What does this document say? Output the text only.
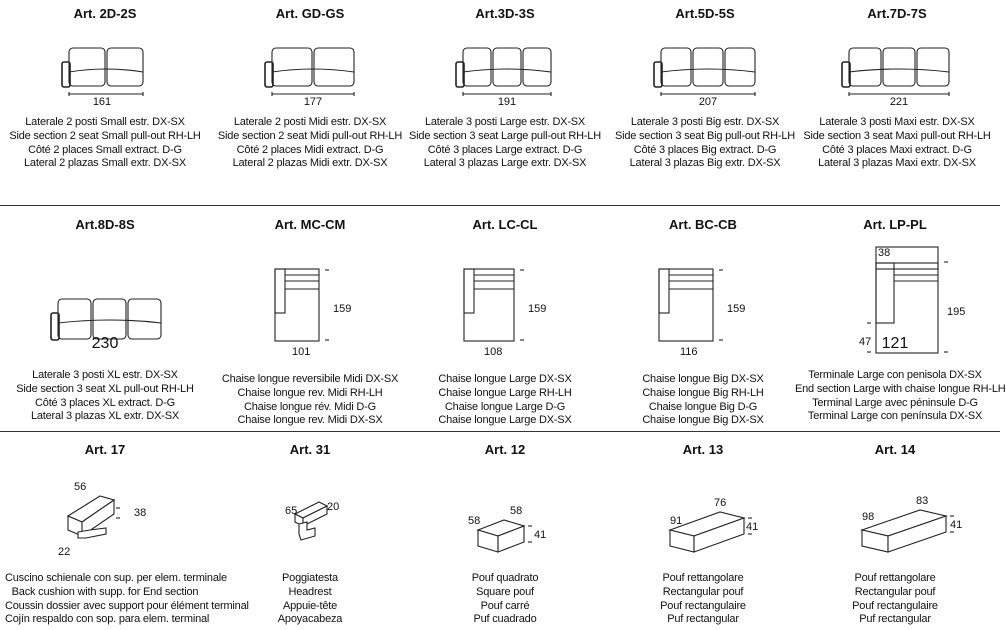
Art. 2D-2S
161
Laterale 2 posti Small estr. DX-SX
Side section 2 seat Small pull-out RH-LH
Côté 2 places Small extract. D-G
Lateral 2 plazas Small extr. DX-SX
Art. GD-GS
177
Laterale 2 posti Midi estr. DX-SX
Side section 2 seat Midi pull-out RH-LH
Côté 2 places Midi extract. D-G
Lateral 2 plazas Midi extr. DX-SX
Art.3D-3S
191
Laterale 3 posti Large estr. DX-SX
Side section 3 seat Large pull-out RH-LH
Côté 3 places Large extract. D-G
Lateral 3 plazas Large extr. DX-SX
Art.5D-5S
207
Laterale 3 posti Big estr. DX-SX
Side section 3 seat Big pull-out RH-LH
Côté 3 places Big extract. D-G
Lateral 3 plazas Big extr. DX-SX
Art.7D-7S
221
Laterale 3 posti Maxi estr. DX-SX
Side section 3 seat Maxi pull-out RH-LH
Côté 3 places Maxi extract. D-G
Lateral 3 plazas Maxi extr. DX-SX
Art.8D-8S
230
Laterale 3 posti XL estr. DX-SX
Side section 3 seat XL pull-out RH-LH
Côté 3 places XL extract. D-G
Lateral 3 plazas XL extr. DX-SX
Art. MC-CM
159
101
Chaise longue reversibile Midi DX-SX
Chaise longue rev. Midi RH-LH
Chaise longue rév. Midi D-G
Chaise longue rev. Midi DX-SX
Art. LC-CL
159
108
Chaise longue Large DX-SX
Chaise longue Large RH-LH
Chaise longue Large D-G
Chaise longue Large DX-SX
Art. BC-CB
159
116
Chaise longue Big DX-SX
Chaise longue Big RH-LH
Chaise longue Big D-G
Chaise longue Big DX-SX
Art. LP-PL
38
195
47 121
Terminale Large con penisola DX-SX
End section Large with chaise longue RH-LH
Terminal Large avec péninsule D-G
Terminal Large con península DX-SX
Art. 17
56
38
22
Cuscino schienale con sup. per elem. terminale
Back cushion with supp. for End section
Coussin dossier avec support pour élément terminal
Cojín respaldo con sop. para elem. terminal
Art. 31
65	20
Poggiatesta
Headrest
Appuie-tête
Apoyacabeza
Art. 12
58
58
41
Pouf quadrato
Square pouf
Pouf carré
Puf cuadrado
Art. 13
91
76
41
Pouf rettangolare
Rectangular pouf
Pouf rectangulaire
Puf rectangular
Art. 14
98
83
41
Pouf rettangolare
Rectangular pouf
Pouf rectangulaire
Puf rectangular
